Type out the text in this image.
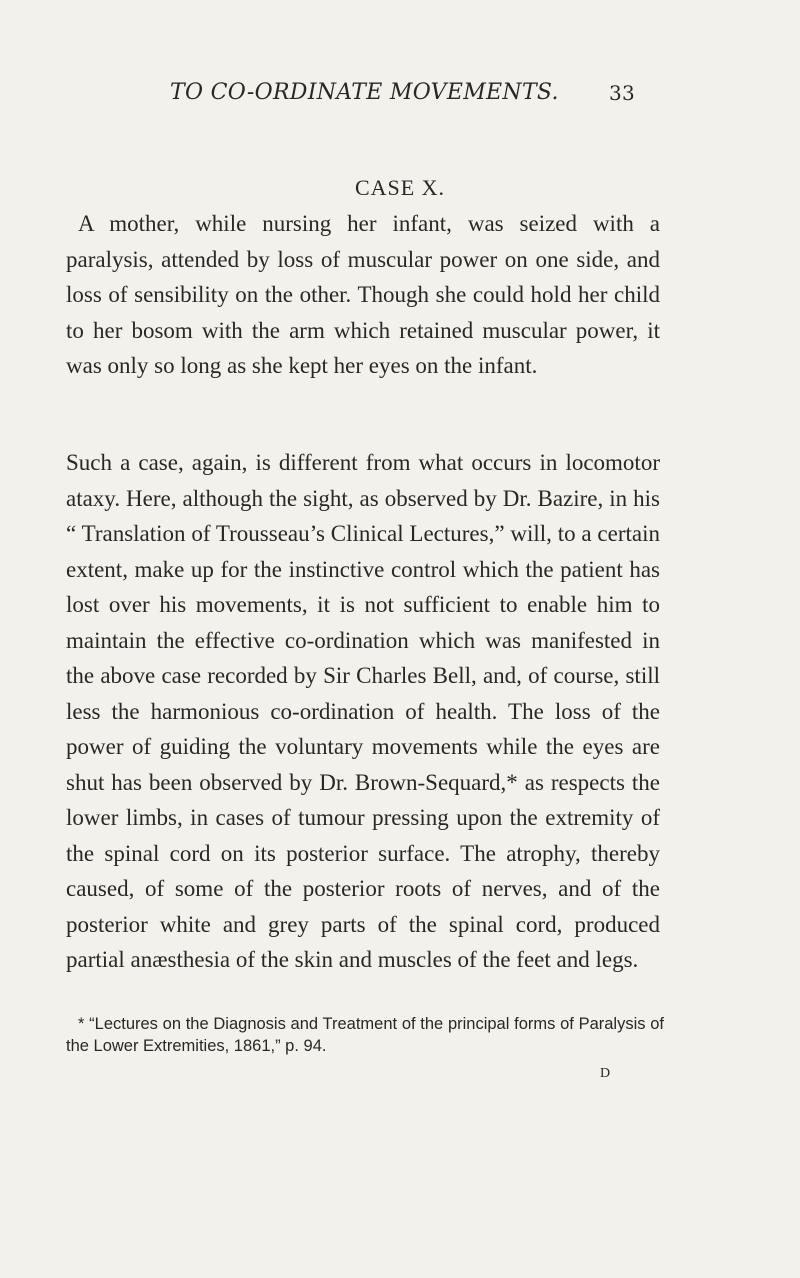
TO CO-ORDINATE MOVEMENTS.	33
CASE X.

A mother, while nursing her infant, was seized with a paralysis, attended by loss of muscular power on one side, and loss of sensibility on the other. Though she could hold her child to her bosom with the arm which retained muscular power, it was only so long as she kept her eyes on the infant.

Such a case, again, is different from what occurs in locomotor ataxy. Here, although the sight, as observed by Dr. Bazire, in his “ Translation of Trousseau’s Clinical Lectures,” will, to a certain extent, make up for the instinctive control which the patient has lost over his movements, it is not sufficient to enable him to maintain the effective co-ordination which was manifested in the above case recorded by Sir Charles Bell, and, of course, still less the harmonious co-ordination of health. The loss of the power of guiding the voluntary movements while the eyes are shut has been observed by Dr. Brown-Sequard,* as respects the lower limbs, in cases of tumour pressing upon the extremity of the spinal cord on its posterior surface. The atrophy, thereby caused, of some of the posterior roots of nerves, and of the posterior white and grey parts of the spinal cord, produced partial anæsthesia of the skin and muscles of the feet and legs.

* “Lectures on the Diagnosis and Treatment of the principal forms of Paralysis of the Lower Extremities, 1861,” p. 94.
D
